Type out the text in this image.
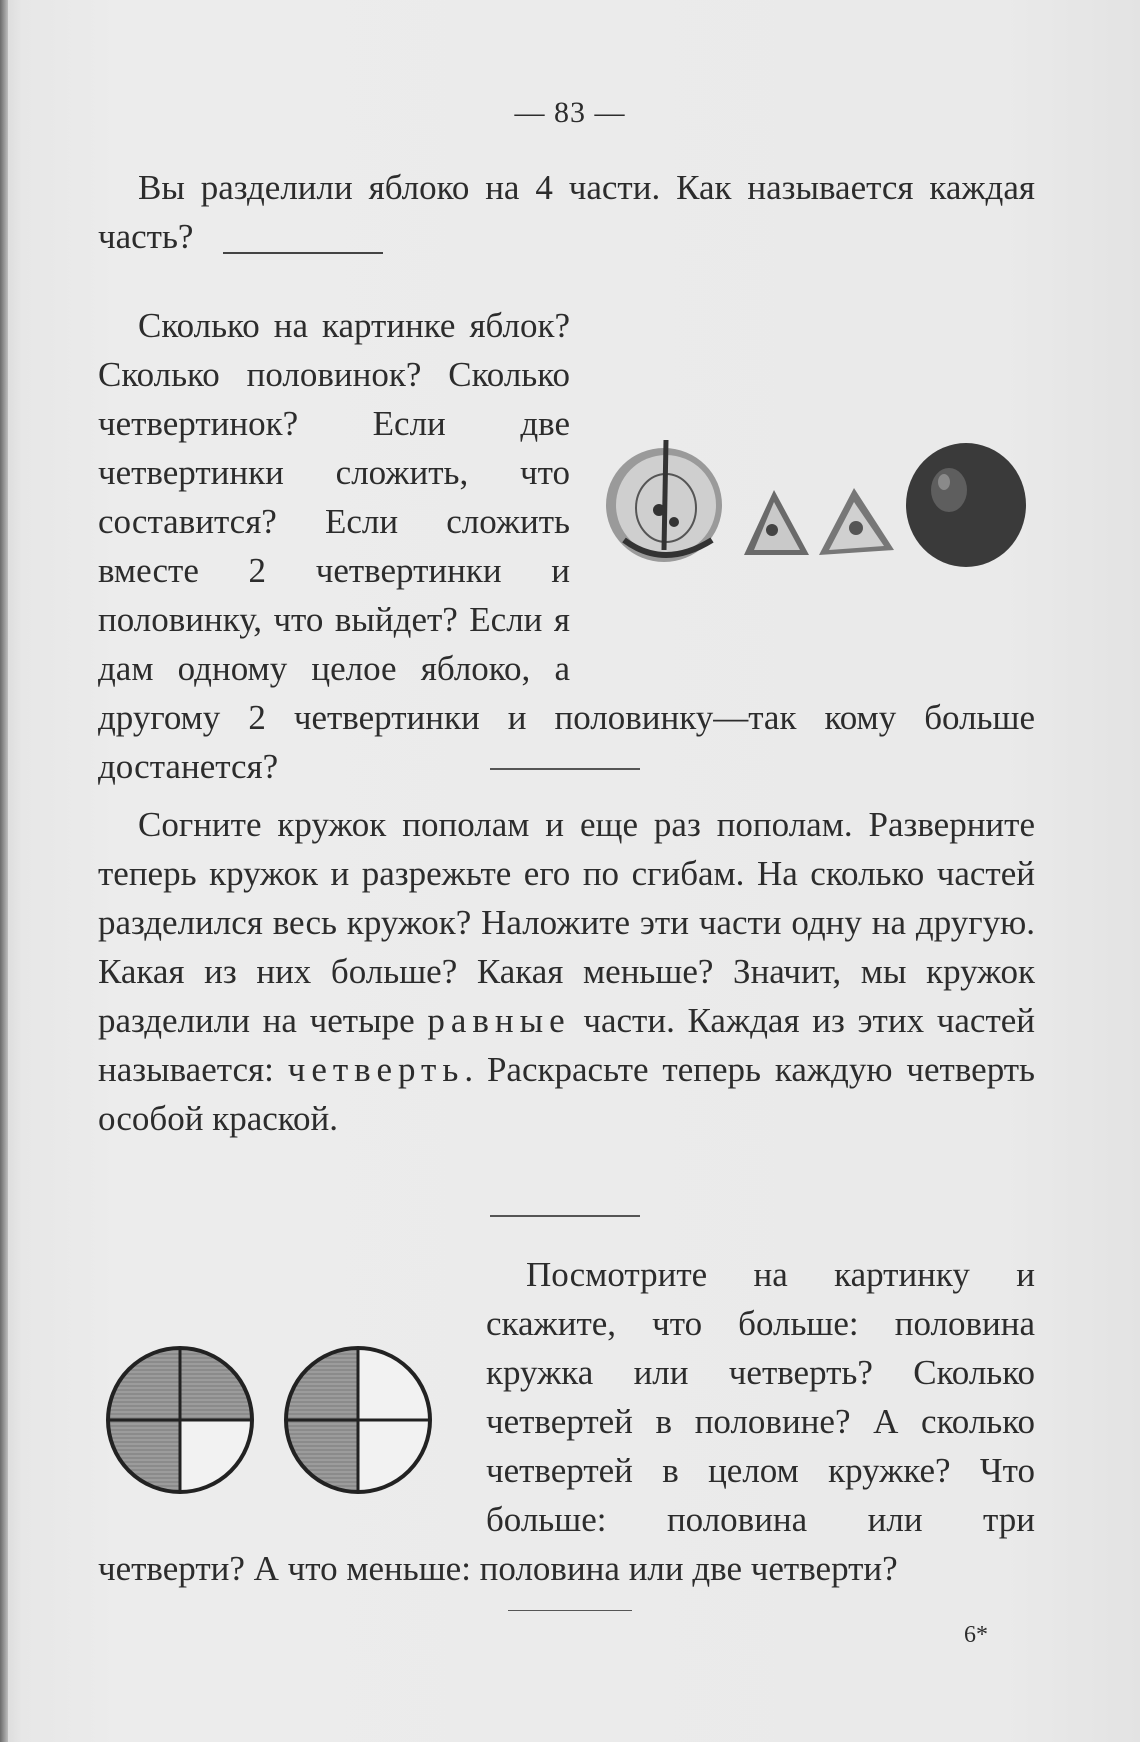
— 83 —

Вы разделили яблоко на 4 части. Как называется каждая часть?

Сколько на картинке яблок? Сколько половинок? Сколько четвертинок? Если две четвертинки сложить, что составится? Если сложить вместе 2 четвертинки и половинку, что выйдет? Если я дам одному целое яблоко, а другому 2 четвертинки и половинку—так кому больше достанется?

Согните кружок пополам и еще раз пополам. Разверните теперь кружок и разрежьте его по сгибам. На сколько частей разделился весь кружок? Наложите эти части одну на другую. Какая из них больше? Какая меньше? Значит, мы кружок разделили на четыре равные части. Каждая из этих частей называется: четверть. Раскрасьте теперь каждую четверть особой краской.

Посмотрите на картинку и скажите, что больше: половина кружка или четверть? Сколько четвертей в половине? А сколько четвертей в целом кружке? Что больше: половина или три четверти? А что меньше: половина или две четверти?

6*
